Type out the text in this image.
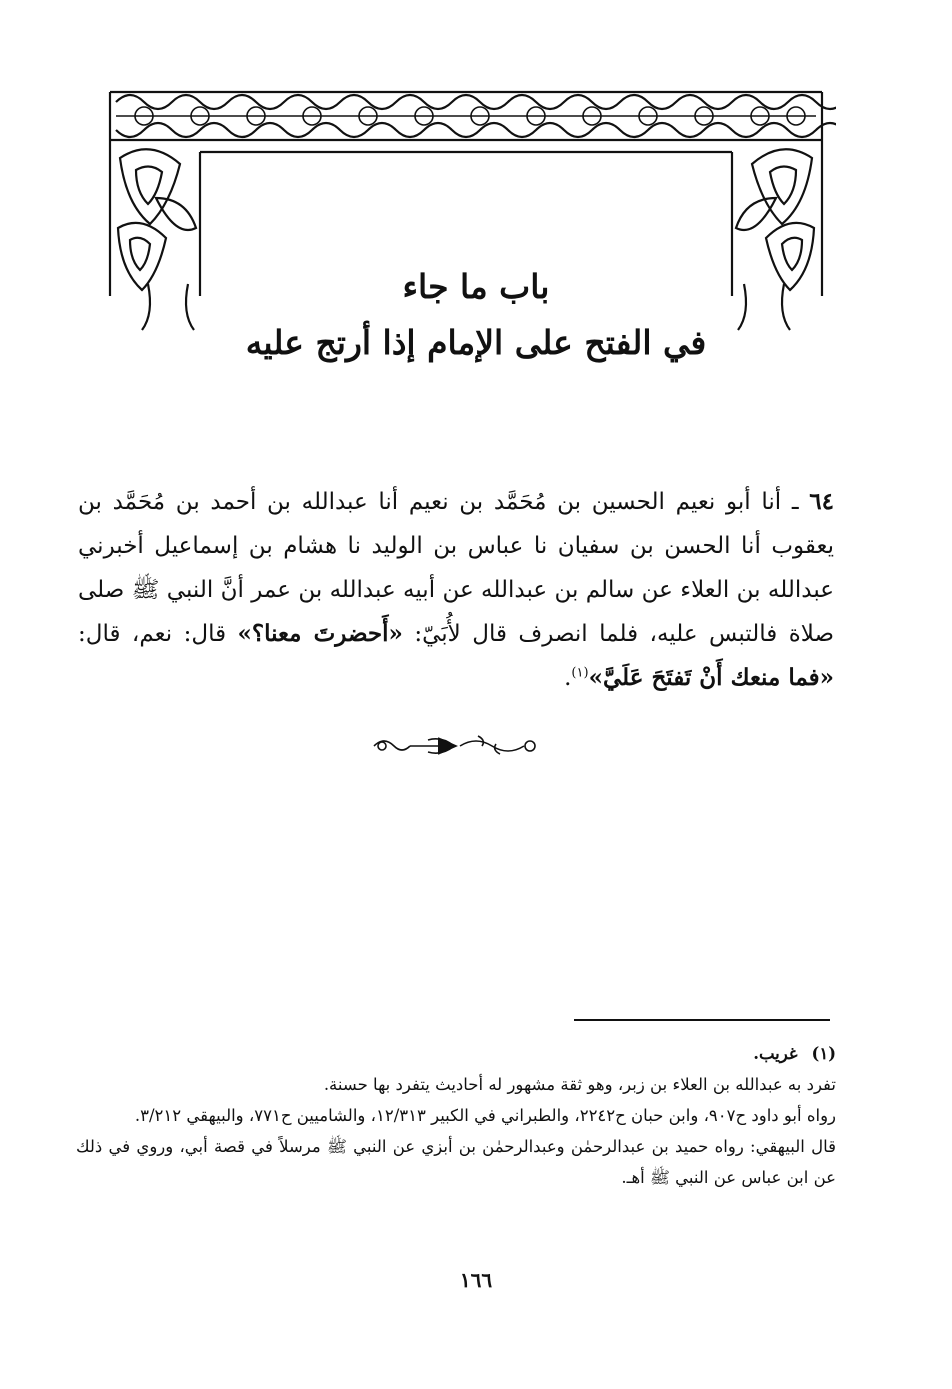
باب ما جاء
في الفتح على الإمام إذا أرتج عليه
٦٤ ـ أنا أبو نعيم الحسين بن مُحَمَّد بن نعيم أنا عبدالله بن أحمد بن مُحَمَّد بن يعقوب أنا الحسن بن سفيان نا عباس بن الوليد نا هشام بن إسماعيل أخبرني عبدالله بن العلاء عن سالم بن عبدالله عن أبيه عبدالله بن عمر أنَّ النبي ﷺ صلى صلاة فالتبس عليه، فلما انصرف قال لأُبَيّ: «أَحضرتَ معنا؟» قال: نعم، قال: «فما منعك أَنْ تَفتَحَ عَلَيَّ»$^{(١)}$.

(١)غريب.

تفرد به عبدالله بن العلاء بن زبر، وهو ثقة مشهور له أحاديث يتفرد بها حسنة.

رواه أبو داود ح٩٠٧، وابن حبان ح٢٢٤٢، والطبراني في الكبير ١٢/٣١٣، والشاميين ح٧٧١، والبيهقي ٣/٢١٢.

قال البيهقي: رواه حميد بن عبدالرحمٰن وعبدالرحمٰن بن أبزي عن النبي ﷺ مرسلاً في قصة أبي، وروي في ذلك عن ابن عباس عن النبي ﷺ أهـ.

١٦٦
